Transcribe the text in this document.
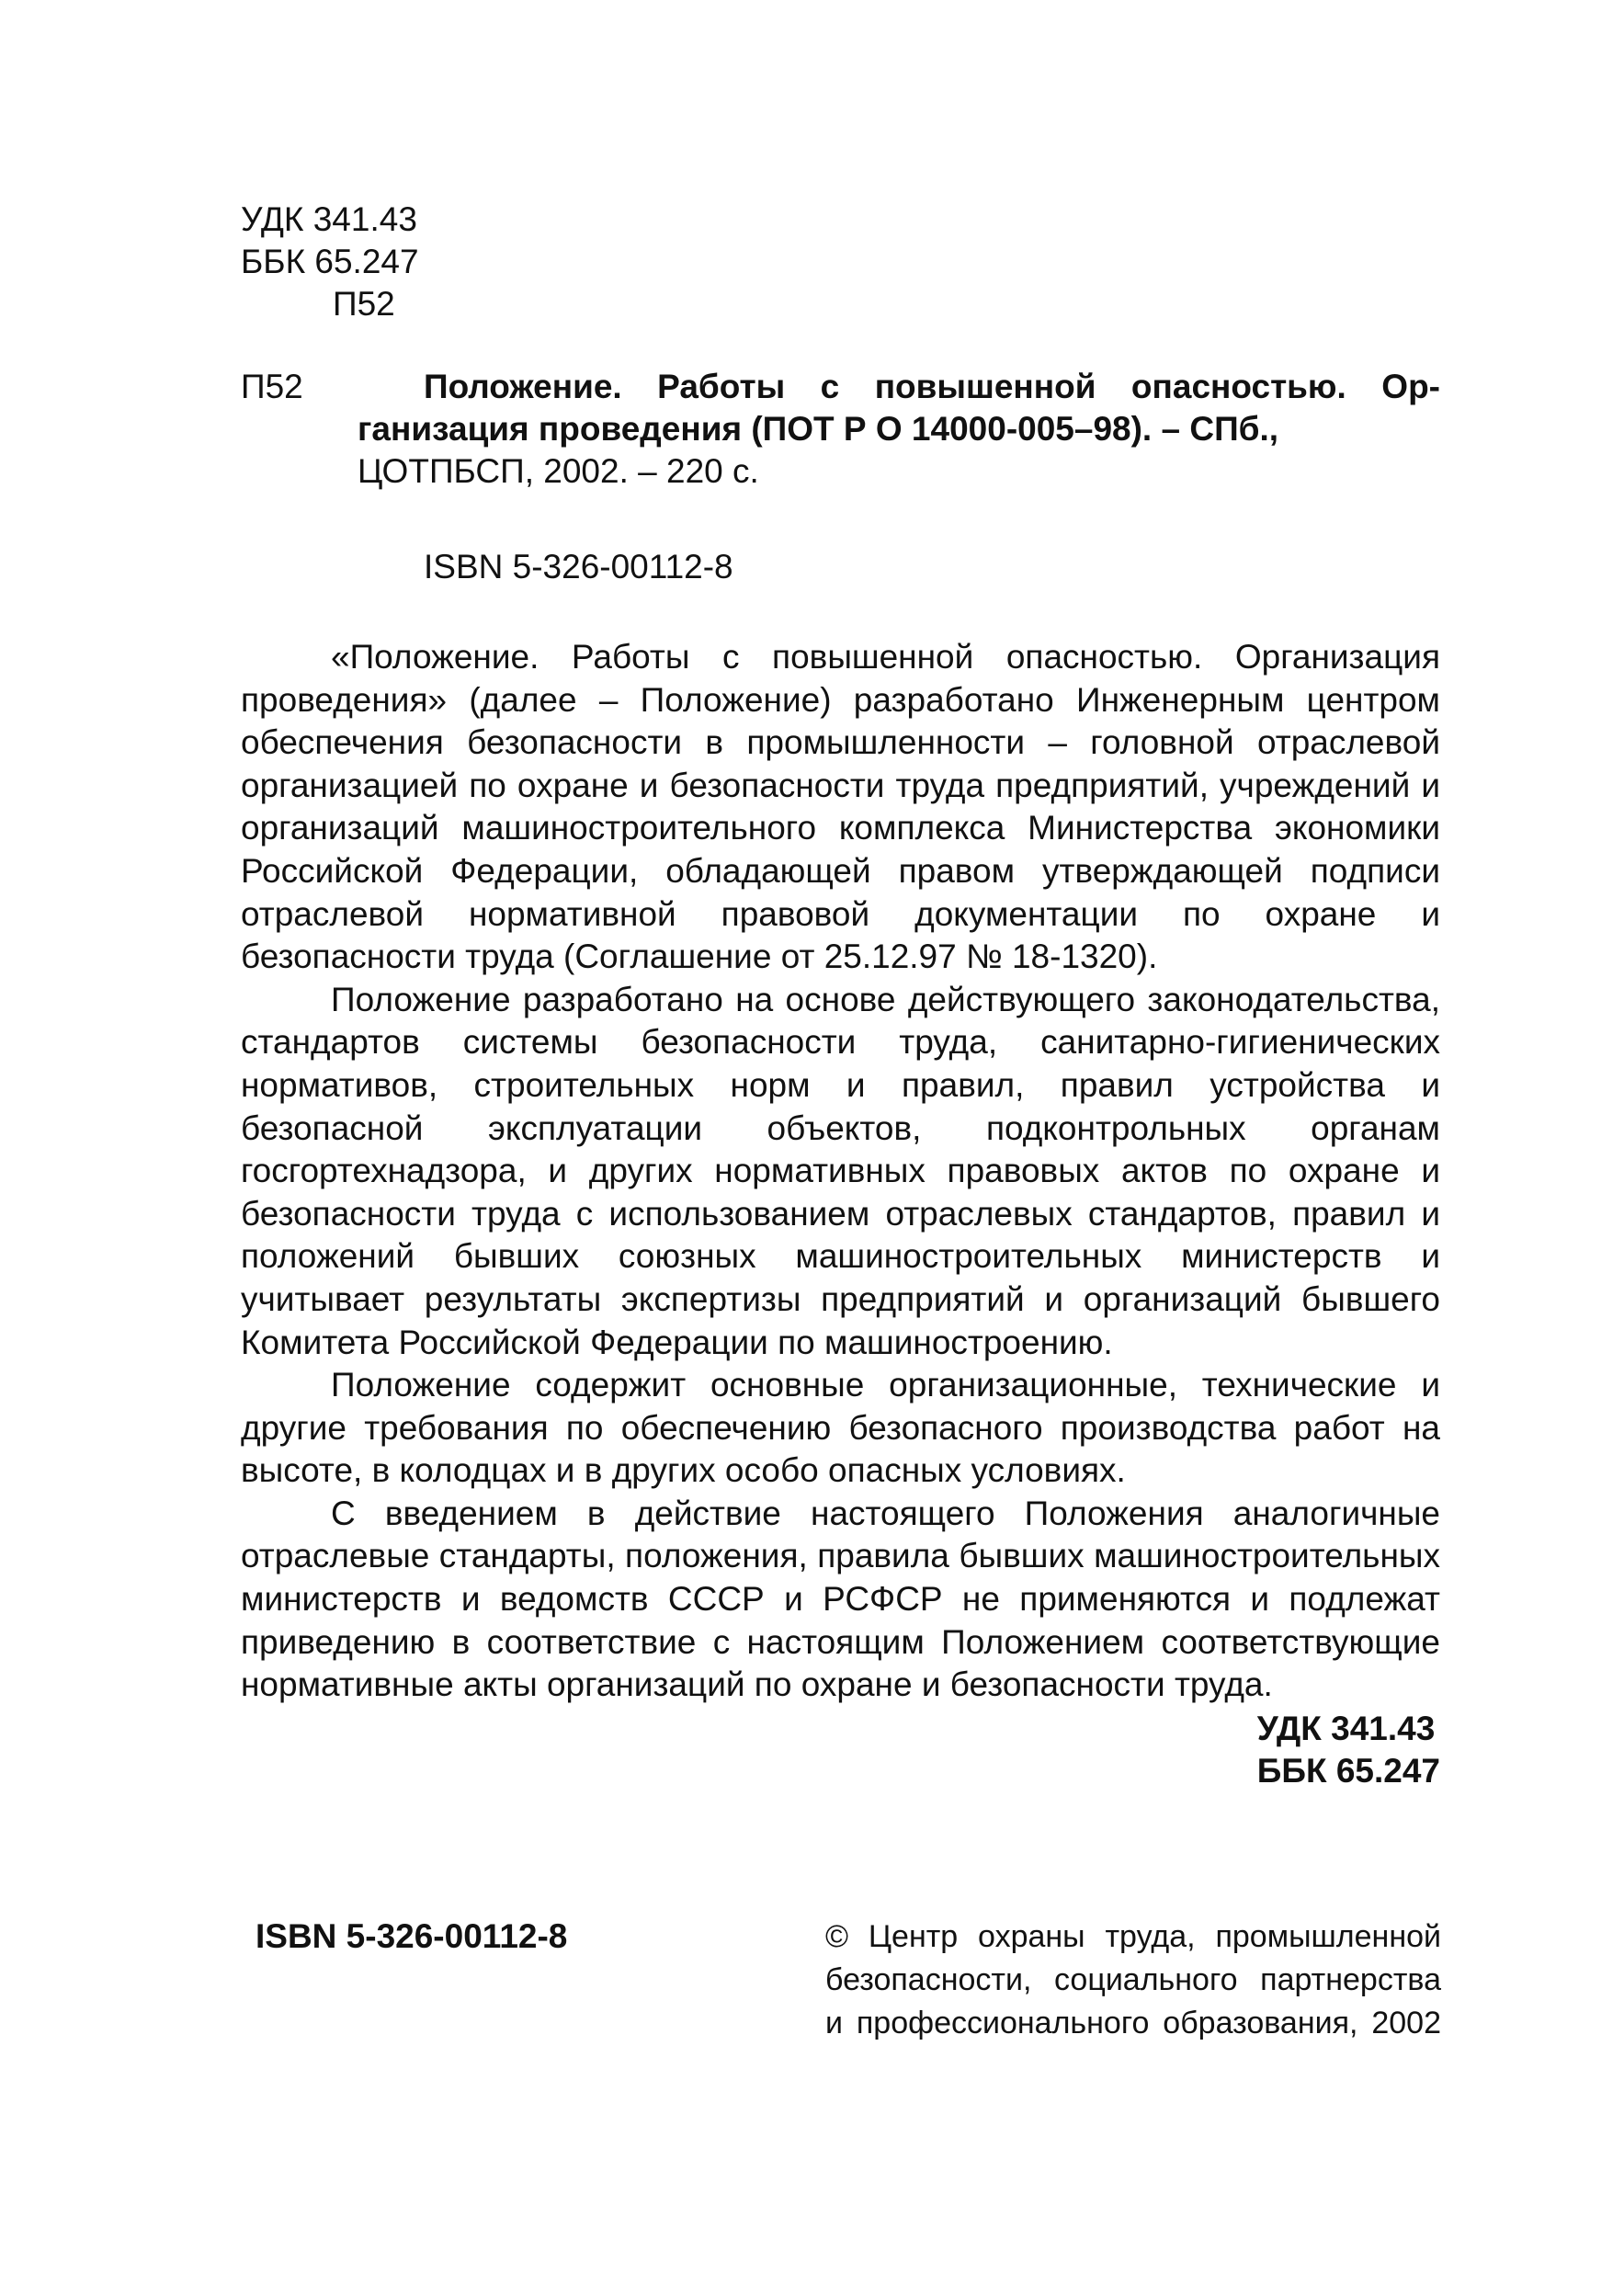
УДК 341.43
ББК 65.247
П52
П52	Положение. Работы с повышенной опасностью. Ор-
ганизация проведения (ПОТ Р О 14000-005–98). – СПб.,
ЦОТПБСП, 2002. – 220 с.
ISBN 5-326-00112-8

«Положение. Работы с повышенной опасностью. Организация проведения» (далее – Положение) разработано Инженерным центром обеспечения безопасности в промышленности – головной отраслевой организацией по охране и безопасности труда предприятий, учреждений и организаций машиностроительного комплекса Министерства экономики Российской Федерации, обладающей правом утверждающей подписи отраслевой нормативной правовой документации по охране и безопасности труда (Соглашение от 25.12.97 № 18-1320).

Положение разработано на основе действующего законодательства, стандартов системы безопасности труда, санитарно-гигиенических нормативов, строительных норм и правил, правил устройства и безопасной эксплуатации объектов, подконтрольных органам госгортехнадзора, и других нормативных правовых актов по охране и безопасности труда с использованием отраслевых стандартов, правил и положений бывших союзных машиностроительных министерств и учитывает результаты экспертизы предприятий и организаций бывшего Комитета Российской Федерации по машиностроению.

Положение содержит основные организационные, технические и другие требования по обеспечению безопасного производства работ на высоте, в колодцах и в других особо опасных условиях.

С введением в действие настоящего Положения аналогичные отраслевые стандарты, положения, правила бывших машиностроительных министерств и ведомств СССР и РСФСР не применяются и подлежат приведению в соответствие с настоящим Положением соответствующие нормативные акты организаций по охране и безопасности труда.

УДК 341.43
ББК 65.247
ISBN 5-326-00112-8	© Центр охраны труда, промышленной
безопасности, социального партнерства
и профессионального образования, 2002
